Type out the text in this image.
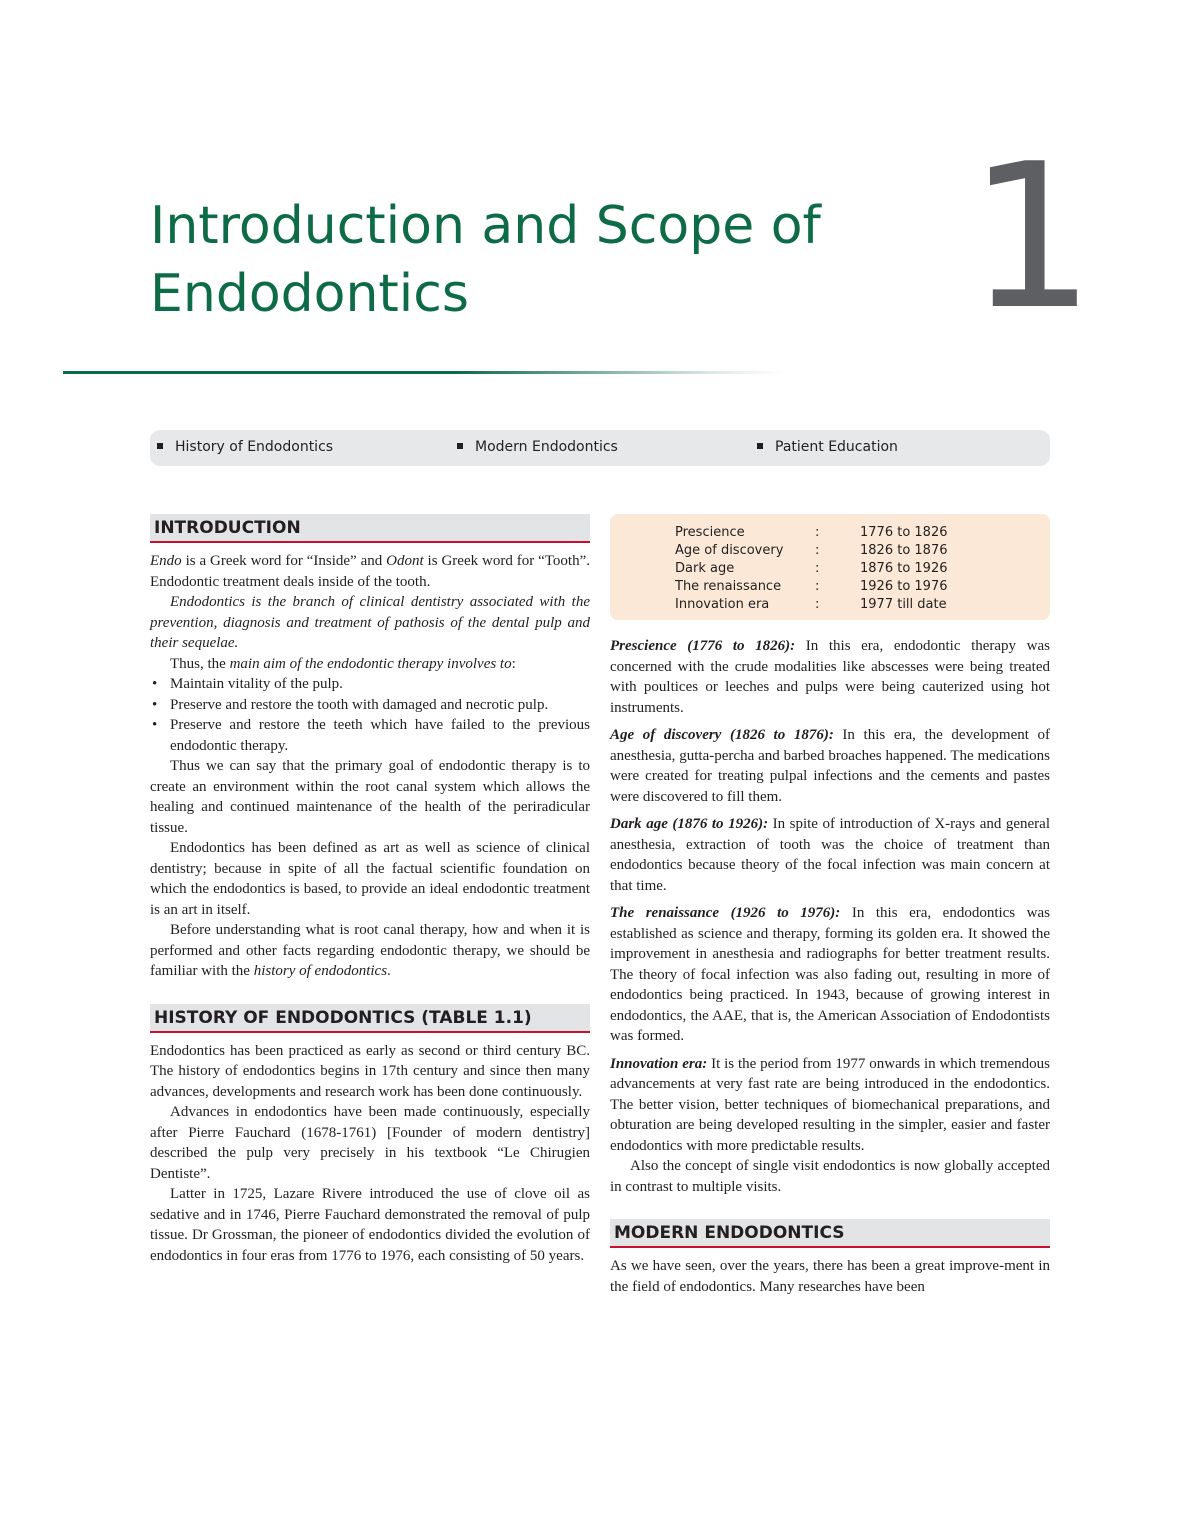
Introduction and Scope of
Endodontics	1
History of Endodontics	Modern Endodontics	Patient Education
INTRODUCTION

Endo is a Greek word for “Inside” and Odont is Greek word for “Tooth”. Endodontic treatment deals inside of the tooth.

Endodontics is the branch of clinical dentistry associated with the prevention, diagnosis and treatment of pathosis of the dental pulp and their sequelae.

Thus, the main aim of the endodontic therapy involves to:

• Maintain vitality of the pulp.
• Preserve and restore the tooth with damaged and necrotic pulp.
• Preserve and restore the teeth which have failed to the previous endodontic therapy.

Thus we can say that the primary goal of endodontic therapy is to create an environment within the root canal system which allows the healing and continued maintenance of the health of the periradicular tissue.

Endodontics has been defined as art as well as science of clinical dentistry; because in spite of all the factual scientific foundation on which the endodontics is based, to provide an ideal endodontic treatment is an art in itself.

Before understanding what is root canal therapy, how and when it is performed and other facts regarding endodontic therapy, we should be familiar with the history of endodontics.

HISTORY OF ENDODONTICS (TABLE 1.1)

Endodontics has been practiced as early as second or third century BC. The history of endodontics begins in 17th century and since then many advances, developments and research work has been done continuously.

Advances in endodontics have been made continuously, especially after Pierre Fauchard (1678-1761) [Founder of modern dentistry] described the pulp very precisely in his textbook “Le Chirugien Dentiste”.

Latter in 1725, Lazare Rivere introduced the use of clove oil as sedative and in 1746, Pierre Fauchard demonstrated the removal of pulp tissue. Dr Grossman, the pioneer of endodontics divided the evolution of endodontics in four eras from 1776 to 1976, each consisting of 50 years.

Prescience	:	1776 to 1826
Age of discovery :	1826 to 1876
Dark age	:	1876 to 1926
The renaissance	:	1926 to 1976
Innovation era	:	1977 till date

Prescience (1776 to 1826): In this era, endodontic therapy was concerned with the crude modalities like abscesses were being treated with poultices or leeches and pulps were being cauterized using hot instruments.

Age of discovery (1826 to 1876): In this era, the development of anesthesia, gutta-percha and barbed broaches happened. The medications were created for treating pulpal infections and the cements and pastes were discovered to fill them.

Dark age (1876 to 1926): In spite of introduction of X-rays and general anesthesia, extraction of tooth was the choice of treatment than endodontics because theory of the focal infection was main concern at that time.

The renaissance (1926 to 1976): In this era, endodontics was established as science and therapy, forming its golden era. It showed the improvement in anesthesia and radiographs for better treatment results. The theory of focal infection was also fading out, resulting in more of endodontics being practiced. In 1943, because of growing interest in endodontics, the AAE, that is, the American Association of Endodontists was formed.

Innovation era: It is the period from 1977 onwards in which tremendous advancements at very fast rate are being introduced in the endodontics. The better vision, better techniques of biomechanical preparations, and obturation are being developed resulting in the simpler, easier and faster endodontics with more predictable results.

Also the concept of single visit endodontics is now globally accepted in contrast to multiple visits.

MODERN ENDODONTICS

As we have seen, over the years, there has been a great improve-ment in the field of endodontics. Many researches have been
